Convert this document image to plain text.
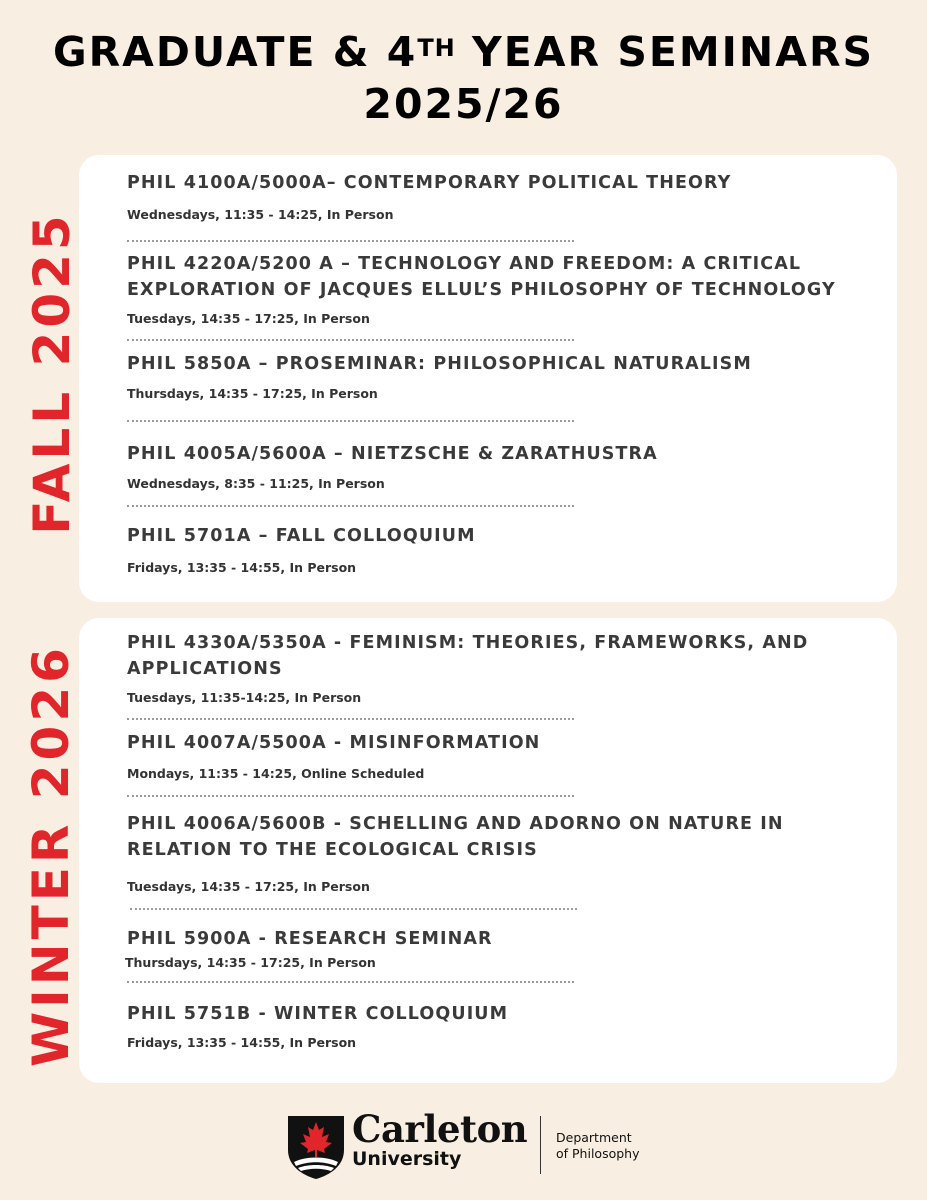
GRADUATE & 4TH YEAR SEMINARS
2025/26
FALL 2025
PHIL 4100A/5000A– CONTEMPORARY POLITICAL THEORY
Wednesdays, 11:35 - 14:25, In Person
PHIL 4220A/5200 A – TECHNOLOGY AND FREEDOM: A CRITICAL EXPLORATION OF JACQUES ELLUL’S PHILOSOPHY OF TECHNOLOGY
Tuesdays, 14:35 - 17:25, In Person
PHIL 5850A – PROSEMINAR: PHILOSOPHICAL NATURALISM
Thursdays, 14:35 - 17:25, In Person
PHIL 4005A/5600A – NIETZSCHE & ZARATHUSTRA
Wednesdays, 8:35 - 11:25, In Person
PHIL 5701A – FALL COLLOQUIUM
Fridays, 13:35 - 14:55, In Person
WINTER 2026
PHIL 4330A/5350A - FEMINISM: THEORIES, FRAMEWORKS, AND APPLICATIONS
Tuesdays, 11:35-14:25, In Person
PHIL 4007A/5500A - MISINFORMATION
Mondays, 11:35 - 14:25, Online Scheduled
PHIL 4006A/5600B - SCHELLING AND ADORNO ON NATURE IN RELATION TO THE ECOLOGICAL CRISIS
Tuesdays, 14:35 - 17:25, In Person
PHIL 5900A - RESEARCH SEMINAR
Thursdays, 14:35 - 17:25, In Person
PHIL 5751B - WINTER COLLOQUIUM
Fridays, 13:35 - 14:55, In Person
Carleton
University
Department
of Philosophy
